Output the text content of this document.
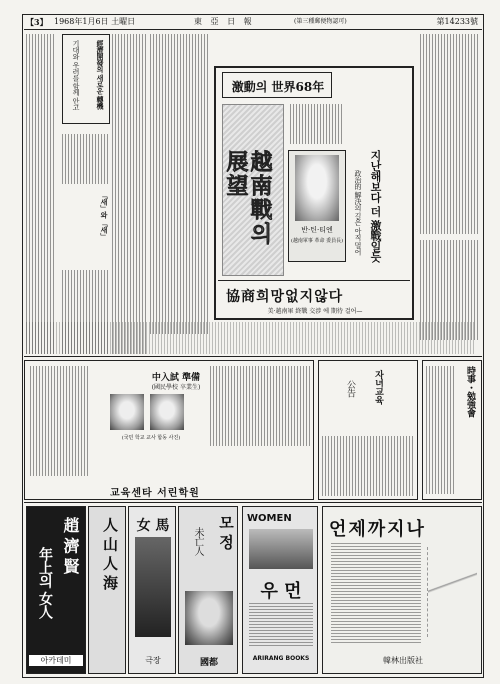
【3】 1968年1月6日 土曜日	東 亞 日 報	(第三種郵便物認可)	第14233號
經濟開發의 새로운 轉機
기대와 우려를 함께 안고
「새」와 「새」
激動의 世界68年
越南戰의 展望
반·틴·티엔
(越南軍事 革命 委員長)	지난해보다 더 激戰일듯
政治的 解決의 길은 아직 멀어
協商희망없지않다
美·越南軍 終戰 交涉 에 期待 걸어—
中入試 準備
(國民學校 卒業生)
(국민 학교 교사 합동 사진)
교육센타 서린학원
자녀교육
公告	時事・勉強會
趙 濟 賢
年上의 女人
아카데미
人 山 人 海	女 馬
극장
모 정
未亡人
國都
WOMEN
우 먼
ARIRANG BOOKS
언제까지나
韓林出版社
